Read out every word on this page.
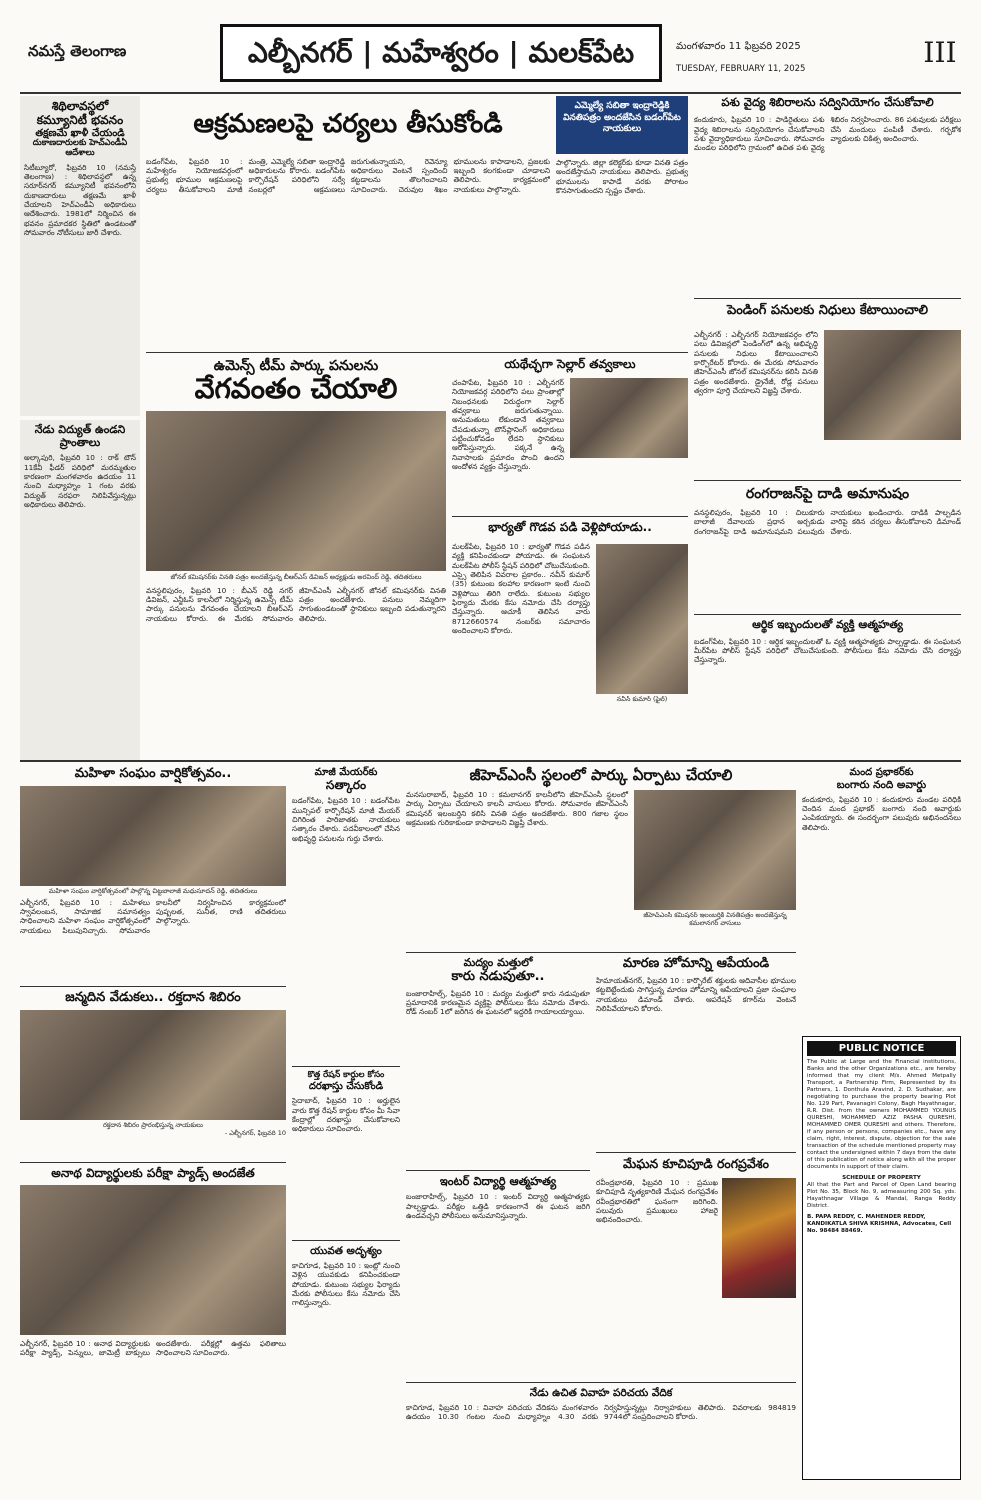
నమస్తే తెలంగాణ	ఎల్బీనగర్ | మహేశ్వరం | మలక్‌పేట	మంగళవారం 11 ఫిబ్రవరి 2025
TUESDAY, FEBRUARY 11, 2025	III
శిథిలావస్థలో
కమ్యూనిటీ భవనం
తక్షణమే ఖాళీ చేయండి
దుకాణదారులకు హెచ్ఎండీఏ ఆదేశాలు
సిటీబ్యూరో, ఫిబ్రవరి 10 (నమస్తే తెలంగాణ) : శిథిలావస్థలో ఉన్న సరూర్‌నగర్ కమ్యూనిటీ భవనంలోని దుకాణదారులు తక్షణమే ఖాళీ చేయాలని హెచ్ఎండీఏ అధికారులు ఆదేశించారు. 1981లో నిర్మించిన ఈ భవనం ప్రమాదకర స్థితిలో ఉండటంతో సోమవారం నోటీసులు జారీ చేశారు.
నేడు విద్యుత్ ఉండని ప్రాంతాలు
అల్కాపురి, ఫిబ్రవరి 10 : రాక్ టౌన్ 11కేవీ ఫీడర్ పరిధిలో మరమ్మతుల కారణంగా మంగళవారం ఉదయం 11 నుంచి మధ్యాహ్నం 1 గంట వరకు విద్యుత్ సరఫరా నిలిపివేస్తున్నట్లు అధికారులు తెలిపారు.
ఆక్రమణలపై చర్యలు తీసుకోండి
బడంగ్‌పేట, ఫిబ్రవరి 10 : మహేశ్వరం నియోజకవర్గంలో ప్రభుత్వ భూముల ఆక్రమణలపై చర్యలు తీసుకోవాలని మాజీ మంత్రి, ఎమ్మెల్యే సబితా ఇంద్రారెడ్డి అధికారులను కోరారు. బడంగ్‌పేట కార్పొరేషన్ పరిధిలోని సర్వే నంబర్లలో ఆక్రమణలు జరుగుతున్నాయని, రెవెన్యూ అధికారులు వెంటనే స్పందించి కట్టడాలను తొలగించాలని సూచించారు. చెరువుల శిఖం భూములను కాపాడాలని, ప్రజలకు ఇబ్బంది కలగకుండా చూడాలని తెలిపారు. కార్యక్రమంలో నాయకులు పాల్గొన్నారు.
ఎమ్మెల్యే సబితా ఇంద్రారెడ్డికి వినతిపత్రం అందజేసిన బడంగ్‌పేట నాయకులు
పాల్గొన్నారు. జిల్లా కలెక్టర్‌కు కూడా వినతి పత్రం అందజేస్తామని నాయకులు తెలిపారు. ప్రభుత్వ భూములను కాపాడే వరకు పోరాటం కొనసాగుతుందని స్పష్టం చేశారు.
పశు వైద్య శిబిరాలను సద్వినియోగం చేసుకోవాలి
కందుకూరు, ఫిబ్రవరి 10 : పాడిరైతులు పశు వైద్య శిబిరాలను సద్వినియోగం చేసుకోవాలని పశు వైద్యాధికారులు సూచించారు. సోమవారం మండల పరిధిలోని గ్రామంలో ఉచిత పశు వైద్య శిబిరం నిర్వహించారు. 86 పశువులకు పరీక్షలు చేసి మందులు పంపిణీ చేశారు. గర్భకోశ వ్యాధులకు చికిత్స అందించారు.
పెండింగ్ పనులకు నిధులు కేటాయించాలి
ఎల్బీనగర్ : ఎల్బీనగర్ నియోజకవర్గం లోని పలు డివిజన్లలో పెండింగ్‌లో ఉన్న అభివృద్ధి పనులకు నిధులు కేటాయించాలని కార్పొరేటర్ కోరారు. ఈ మేరకు సోమవారం జీహెచ్ఎంసీ జోనల్ కమిషనర్‌ను కలిసి వినతి పత్రం అందజేశారు. డ్రైనేజీ, రోడ్ల పనులు త్వరగా పూర్తి చేయాలని విజ్ఞప్తి చేశారు.
రంగరాజన్‌పై దాడి అమానుషం
వనస్థలిపురం, ఫిబ్రవరి 10 : చిలుకూరు బాలాజీ దేవాలయ ప్రధాన అర్చకుడు రంగరాజన్‌పై దాడి అమానుషమని పలువురు నాయకులు ఖండించారు. దాడికి పాల్పడిన వారిపై కఠిన చర్యలు తీసుకోవాలని డిమాండ్ చేశారు.
ఆర్థిక ఇబ్బందులతో వ్యక్తి ఆత్మహత్య
బడంగ్‌పేట, ఫిబ్రవరి 10 : ఆర్థిక ఇబ్బందులతో ఓ వ్యక్తి ఆత్మహత్యకు పాల్పడ్డాడు. ఈ సంఘటన మీర్‌పేట పోలీస్ స్టేషన్ పరిధిలో చోటుచేసుకుంది. పోలీసులు కేసు నమోదు చేసి దర్యాప్తు చేస్తున్నారు.
ఉమెన్స్ టీమ్ పార్కు పనులను
వేగవంతం చేయాలి
జోనల్ కమిషనర్‌కు వినతి పత్రం అందజేస్తున్న బీఆర్ఎస్ డివిజన్ అధ్యక్షుడు అరవింద్ రెడ్డి, తదితరులు
వనస్థలిపురం, ఫిబ్రవరి 10 : బీఎన్ రెడ్డి నగర్ డివిజన్, ఎన్జీఓస్ కాలనీలో నిర్మిస్తున్న ఉమెన్స్ టీమ్ పార్కు పనులను వేగవంతం చేయాలని బీఆర్ఎస్ నాయకులు కోరారు. ఈ మేరకు సోమవారం జీహెచ్ఎంసీ ఎల్బీనగర్ జోనల్ కమిషనర్‌కు వినతి పత్రం అందజేశారు. పనులు నెమ్మదిగా సాగుతుండటంతో స్థానికులు ఇబ్బంది పడుతున్నారని తెలిపారు.
యథేచ్ఛగా సెల్లార్ తవ్వకాలు
చంపాపేట, ఫిబ్రవరి 10 : ఎల్బీనగర్ నియోజకవర్గ పరిధిలోని పలు ప్రాంతాల్లో నిబంధనలకు విరుద్ధంగా సెల్లార్ తవ్వకాలు జరుగుతున్నాయి. అనుమతులు లేకుండానే తవ్వకాలు చేపడుతున్నా టౌన్‌ప్లానింగ్ అధికారులు పట్టించుకోవడం లేదని స్థానికులు ఆరోపిస్తున్నారు. పక్కనే ఉన్న నివాసాలకు ప్రమాదం పొంచి ఉందని ఆందోళన వ్యక్తం చేస్తున్నారు.
భార్యతో గొడవ పడి వెళ్లిపోయాడు..
మలక్‌పేట, ఫిబ్రవరి 10 : భార్యతో గొడవ పడిన వ్యక్తి కనిపించకుండా పోయాడు. ఈ సంఘటన మలక్‌పేట పోలీస్ స్టేషన్ పరిధిలో చోటుచేసుకుంది. ఎస్సై తెలిపిన వివరాల ప్రకారం.. నవీన్ కుమార్ (35) కుటుంబ కలహాల కారణంగా ఇంటి నుంచి వెళ్లిపోయి తిరిగి రాలేదు. కుటుంబ సభ్యుల ఫిర్యాదు మేరకు కేసు నమోదు చేసి దర్యాప్తు చేస్తున్నారు. ఆచూకీ తెలిసిన వారు 8712660574 నంబర్‌కు సమాచారం అందించాలని కోరారు.
నవీన్ కుమార్ (ఫైల్)
మహిళా సంఘం వార్షికోత్సవం..
మహిళా సంఘం వార్షికోత్సవంలో పాల్గొన్న చిట్టబాలాజీ మధుసూదన్ రెడ్డి, తదితరులు
ఎల్బీనగర్, ఫిబ్రవరి 10 : మహిళలు స్వావలంబన, సామాజిక సమానత్వం సాధించాలని మహిళా సంఘం వార్షికోత్సవంలో నాయకులు పిలుపునిచ్చారు. సోమవారం కాలనీలో నిర్వహించిన కార్యక్రమంలో పుష్పలత, సునీత, రాణి తదితరులు పాల్గొన్నారు.
జన్మదిన వేడుకలు.. రక్తదాన శిబిరం
రక్తదాన శిబిరం ప్రారంభిస్తున్న నాయకులు
- ఎల్బీనగర్, ఫిబ్రవరి 10
అనాథ విద్యార్థులకు పరీక్షా ప్యాడ్స్ అందజేత
ఎల్బీనగర్, ఫిబ్రవరి 10 : అనాథ విద్యార్థులకు పరీక్షా ప్యాడ్స్, పెన్నులు, జామెట్రీ బాక్సులు అందజేశారు. పరీక్షల్లో ఉత్తమ ఫలితాలు సాధించాలని సూచించారు.
మాజీ మేయర్‌కు
సత్కారం
బడంగ్‌పేట, ఫిబ్రవరి 10 : బడంగ్‌పేట మున్సిపల్ కార్పొరేషన్ మాజీ మేయర్ చిగిరింత పారిజాతకు నాయకులు సత్కారం చేశారు. పదవీకాలంలో చేసిన అభివృద్ధి పనులను గుర్తు చేశారు.
కొత్త రేషన్ కార్డుల కోసం
దరఖాస్తు చేసుకోండి
సైదాబాద్, ఫిబ్రవరి 10 : అర్హులైన వారు కొత్త రేషన్ కార్డుల కోసం మీ సేవా కేంద్రాల్లో దరఖాస్తు చేసుకోవాలని అధికారులు సూచించారు.
యువత అదృశ్యం
కాచిగూడ, ఫిబ్రవరి 10 : ఇంట్లో నుంచి వెళ్లిన యువకుడు కనిపించకుండా పోయాడు. కుటుంబ సభ్యుల ఫిర్యాదు మేరకు పోలీసులు కేసు నమోదు చేసి గాలిస్తున్నారు.
జీహెచ్ఎంసీ స్థలంలో పార్కు ఏర్పాటు చేయాలి
మనసురాబాద్, ఫిబ్రవరి 10 : కమలానగర్ కాలనీలోని జీహెచ్ఎంసీ స్థలంలో పార్కు ఏర్పాటు చేయాలని కాలనీ వాసులు కోరారు. సోమవారం జీహెచ్ఎంసీ కమిషనర్ ఇలంబర్తిని కలిసి వినతి పత్రం అందజేశారు. 800 గజాల స్థలం ఆక్రమణకు గురికాకుండా కాపాడాలని విజ్ఞప్తి చేశారు.
జీహెచ్ఎంసీ కమిషనర్ ఇలంబర్తికి వినతిపత్రం అందజేస్తున్న కమలానగర్ వాసులు
మద్యం మత్తులో
కారు నడుపుతూ..
బంజారాహిల్స్, ఫిబ్రవరి 10 : మద్యం మత్తులో కారు నడుపుతూ ప్రమాదానికి కారణమైన వ్యక్తిపై పోలీసులు కేసు నమోదు చేశారు. రోడ్ నంబర్ 1లో జరిగిన ఈ ఘటనలో ఇద్దరికి గాయాలయ్యాయి.
ఇంటర్ విద్యార్థి ఆత్మహత్య
బంజారాహిల్స్, ఫిబ్రవరి 10 : ఇంటర్ విద్యార్థి ఆత్మహత్యకు పాల్పడ్డాడు. పరీక్షల ఒత్తిడి కారణంగానే ఈ ఘటన జరిగి ఉండవచ్చని పోలీసులు అనుమానిస్తున్నారు.
మారణ హోమాన్ని ఆపేయండి
హిమాయత్‌నగర్, ఫిబ్రవరి 10 : కార్పొరేట్ శక్తులకు ఆదివాసీల భూముల కట్టబెట్టేందుకు సాగిస్తున్న మారణ హోమాన్ని ఆపేయాలని ప్రజా సంఘాల నాయకులు డిమాండ్ చేశారు. ఆపరేషన్ కగార్‌ను వెంటనే నిలిపివేయాలని కోరారు.
మేఘన కూచిపూడి రంగప్రవేశం
రవీంద్రభారతి, ఫిబ్రవరి 10 : ప్రముఖ కూచిపూడి నృత్యకారిణి మేఘన రంగప్రవేశం రవీంద్రభారతిలో ఘనంగా జరిగింది. పలువురు ప్రముఖులు హాజరై అభినందించారు.
నేడు ఉచిత వివాహ పరిచయ వేదిక
కాచిగూడ, ఫిబ్రవరి 10 : వివాహ పరిచయ వేదికను మంగళవారం ఉదయం 10.30 గంటల నుంచి మధ్యాహ్నం 4.30 వరకు నిర్వహిస్తున్నట్లు నిర్వాహకులు తెలిపారు. వివరాలకు 984819 9744లో సంప్రదించాలని కోరారు.
మంద ప్రభాకర్‌కు
బంగారు నంది అవార్డు
కందుకూరు, ఫిబ్రవరి 10 : కందుకూరు మండల పరిధికి చెందిన మంద ప్రభాకర్ బంగారు నంది అవార్డుకు ఎంపికయ్యారు. ఈ సందర్భంగా పలువురు అభినందనలు తెలిపారు.
PUBLIC NOTICE
The Public at Large and the Financial institutions, Banks and the other Organizations etc., are hereby informed that my client M/s. Ahmed Metpally Transport, a Partnership Firm, Represented by its Partners, 1. Donthula Aravind, 2. D. Sudhakar, are negotiating to purchase the property bearing Plot No. 129 Part, Pavanagiri Colony, Bagh Hayathnagar, R.R. Dist. from the owners MOHAMMED YOUNUS QURESHI, MOHAMMED AZIZ PASHA QURESHI, MOHAMMED OMER QURESHI and others. Therefore, if any person or persons, companies etc., have any claim, right, interest, dispute, objection for the sale transaction of the schedule mentioned property may contact the undersigned within 7 days from the date of this publication of notice along with all the proper documents in support of their claim.
SCHEDULE OF PROPERTY
All that the Part and Parcel of Open Land bearing Plot No. 35, Block No. 9, admeasuring 200 Sq. yds. Hayathnagar Village & Mandal, Ranga Reddy District.
B. PAPA REDDY, C. MAHENDER REDDY, KANDIKATLA SHIVA KRISHNA, Advocates, Cell No. 98484 88469.
